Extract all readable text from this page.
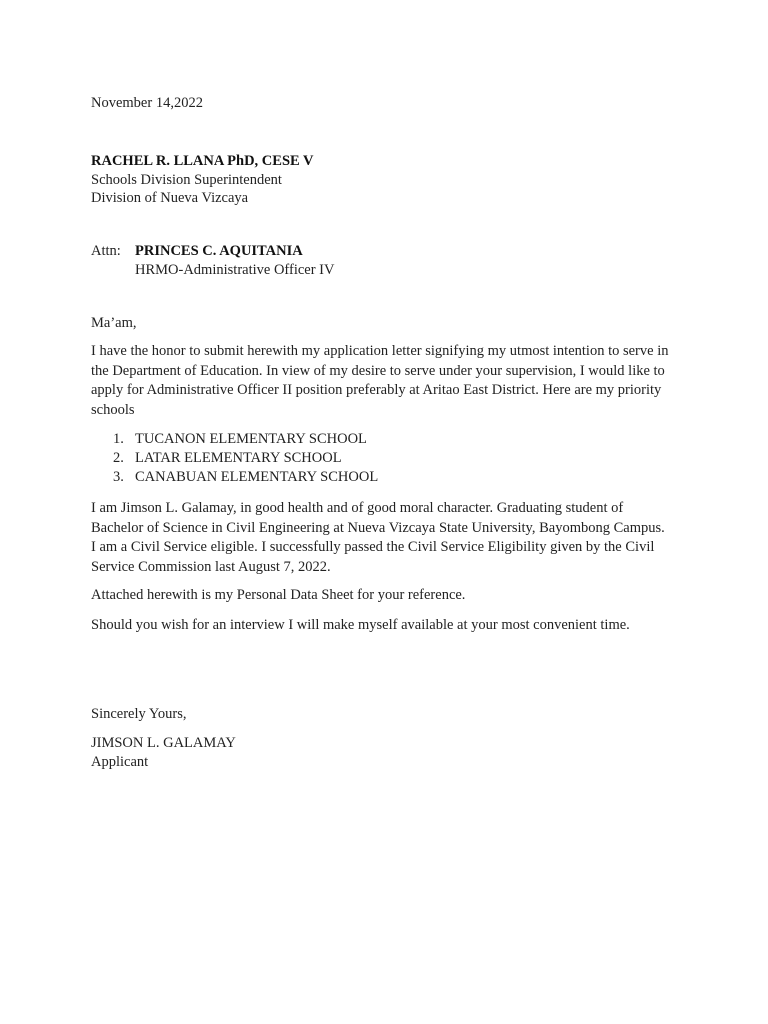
November 14,2022
RACHEL R. LLANA PhD, CESE V
Schools Division Superintendent
Division of Nueva Vizcaya
Attn: PRINCES C. AQUITANIA
HRMO-Administrative Officer IV
Ma’am,
I have the honor to submit herewith my application letter signifying my utmost intention to serve in the Department of Education. In view of my desire to serve under your supervision, I would like to apply for Administrative Officer II position preferably at Aritao East District. Here are my priority schools
1. TUCANON ELEMENTARY SCHOOL
2. LATAR ELEMENTARY SCHOOL
3. CANABUAN ELEMENTARY SCHOOL
I am Jimson L. Galamay, in good health and of good moral character. Graduating student of Bachelor of Science in Civil Engineering at Nueva Vizcaya State University, Bayombong Campus. I am a Civil Service eligible. I successfully passed the Civil Service Eligibility given by the Civil Service Commission last August 7, 2022.
Attached herewith is my Personal Data Sheet for your reference.
Should you wish for an interview I will make myself available at your most convenient time.
Sincerely Yours,
JIMSON L. GALAMAY
Applicant
